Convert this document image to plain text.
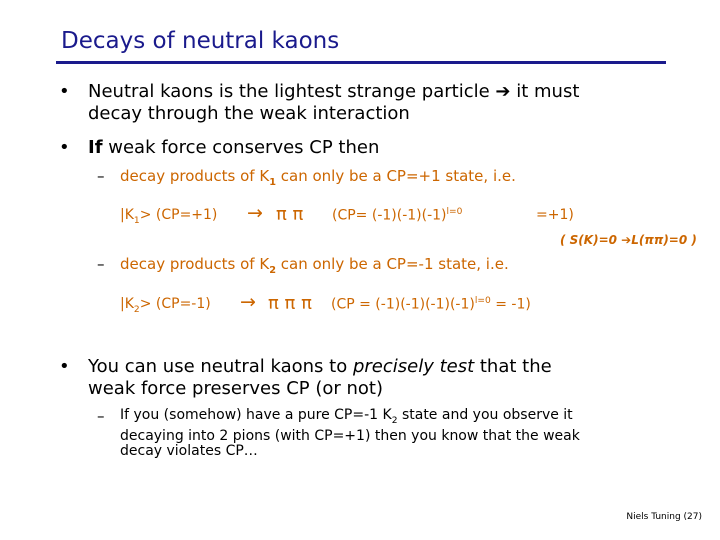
Decays of neutral kaons
• Neutral kaons is the lightest strange particle ➔ it must
decay through the weak interaction
• If weak force conserves CP then
– decay products of $K_1$ can only be a CP=+1 state, i.e.
$|K_1> (CP=+1) \to \pi$ π ($CP= (-1)(-1)(-1)^{l=0}$	=+1)
( S(K)=0 ➔L(ππ)=0 )
– decay products of $K_2$ can only be a CP=-1 state, i.e.
$|K_2> (CP=-1) \to \pi$ π π $(CP = (-1)(-1)(-1)(-1)^{l=0} = -1)$
• You can use neutral kaons to precisely test that the
weak force preserves CP (or not)
– If you (somehow) have a pure CP=-1 $K_2$ state and you observe it
decaying into 2 pions (with CP=+1) then you know that the weak
decay violates CP…
Niels Tuning (27)
